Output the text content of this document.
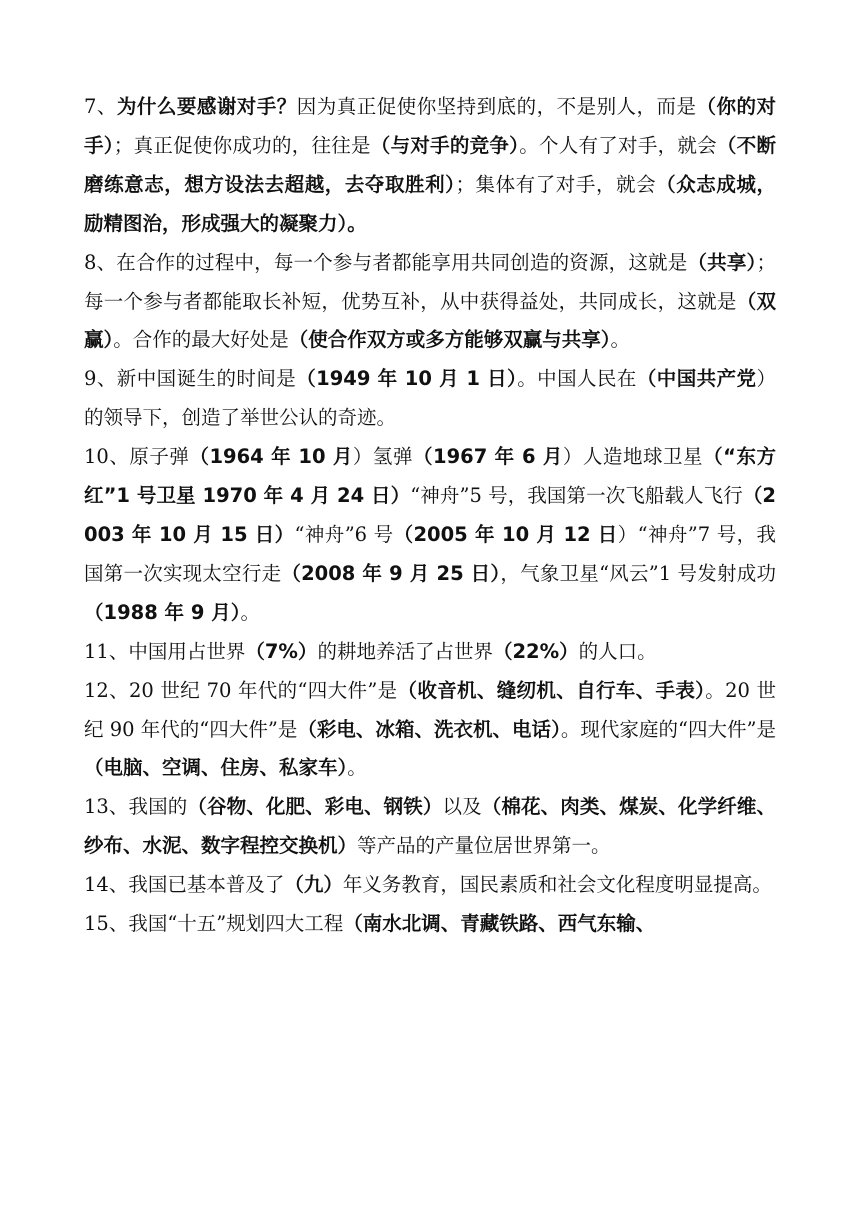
7、为什么要感谢对手？因为真正促使你坚持到底的，不是别人，而是（你的对手）；真正促使你成功的，往往是（与对手的竞争）。个人有了对手，就会（不断磨练意志，想方设法去超越，去夺取胜利）；集体有了对手，就会（众志成城，励精图治，形成强大的凝聚力）。

8、在合作的过程中，每一个参与者都能享用共同创造的资源，这就是（共享）；每一个参与者都能取长补短，优势互补，从中获得益处，共同成长，这就是（双赢）。合作的最大好处是（使合作双方或多方能够双赢与共享）。

9、新中国诞生的时间是（1949 年 10 月 1 日）。中国人民在（中国共产党）的领导下，创造了举世公认的奇迹。

10、原子弹（1964 年 10 月）氢弹（1967 年 6 月）人造地球卫星（“东方红”1 号卫星 1970 年 4 月 24 日）“神舟”5 号，我国第一次飞船载人飞行（2003 年 10 月 15 日）“神舟”6 号（2005 年 10 月 12 日）“神舟”7 号，我国第一次实现太空行走（2008 年 9 月 25 日），气象卫星“风云”1 号发射成功（1988 年 9 月）。

11、中国用占世界（7%）的耕地养活了占世界（22%）的人口。

12、20 世纪 70 年代的“四大件”是（收音机、缝纫机、自行车、手表）。20 世纪 90 年代的“四大件”是（彩电、冰箱、洗衣机、电话）。现代家庭的“四大件”是（电脑、空调、住房、私家车）。

13、我国的（谷物、化肥、彩电、钢铁）以及（棉花、肉类、煤炭、化学纤维、纱布、水泥、数字程控交换机）等产品的产量位居世界第一。

14、我国已基本普及了（九）年义务教育，国民素质和社会文化程度明显提高。

15、我国“十五”规划四大工程（南水北调、青藏铁路、西气东输、
